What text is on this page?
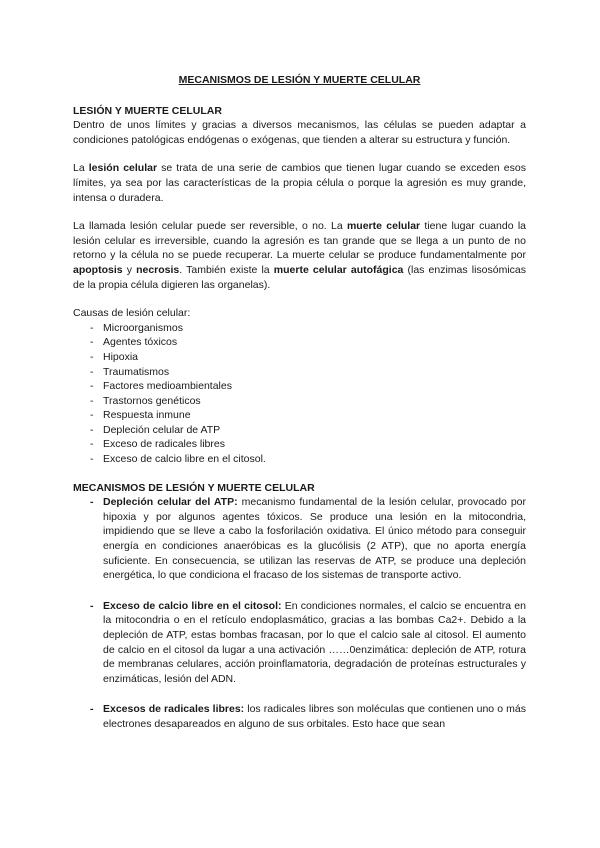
MECANISMOS DE LESIÓN Y MUERTE CELULAR
LESIÓN Y MUERTE CELULAR

Dentro de unos límites y gracias a diversos mecanismos, las células se pueden adaptar a condiciones patológicas endógenas o exógenas, que tienden a alterar su estructura y función.

La lesión celular se trata de una serie de cambios que tienen lugar cuando se exceden esos límites, ya sea por las características de la propia célula o porque la agresión es muy grande, intensa o duradera.

La llamada lesión celular puede ser reversible, o no. La muerte celular tiene lugar cuando la lesión celular es irreversible, cuando la agresión es tan grande que se llega a un punto de no retorno y la célula no se puede recuperar. La muerte celular se produce fundamentalmente por apoptosis y necrosis. También existe la muerte celular autofágica (las enzimas lisosómicas de la propia célula digieren las organelas).

Causas de lesión celular:

- Microorganismos
- Agentes tóxicos
- Hipoxia
- Traumatismos
- Factores medioambientales
- Trastornos genéticos
- Respuesta inmune
- Depleción celular de ATP
- Exceso de radicales libres
- Exceso de calcio libre en el citosol.
MECANISMOS DE LESIÓN Y MUERTE CELULAR
- Depleción celular del ATP: mecanismo fundamental de la lesión celular, provocado por hipoxia y por algunos agentes tóxicos. Se produce una lesión en la mitocondria, impidiendo que se lleve a cabo la fosforilación oxidativa. El único método para conseguir energía en condiciones anaeróbicas es la glucólisis (2 ATP), que no aporta energía suficiente. En consecuencia, se utilizan las reservas de ATP, se produce una depleción energética, lo que condiciona el fracaso de los sistemas de transporte activo.
- Exceso de calcio libre en el citosol: En condiciones normales, el calcio se encuentra en la mitocondria o en el retículo endoplasmático, gracias a las bombas Ca2+. Debido a la depleción de ATP, estas bombas fracasan, por lo que el calcio sale al citosol. El aumento de calcio en el citosol da lugar a una activación ……0enzimática: depleción de ATP, rotura de membranas celulares, acción proinflamatoria, degradación de proteínas estructurales y enzimáticas, lesión del ADN.
- Excesos de radicales libres: los radicales libres son moléculas que contienen uno o más electrones desapareados en alguno de sus orbitales. Esto hace que sean
